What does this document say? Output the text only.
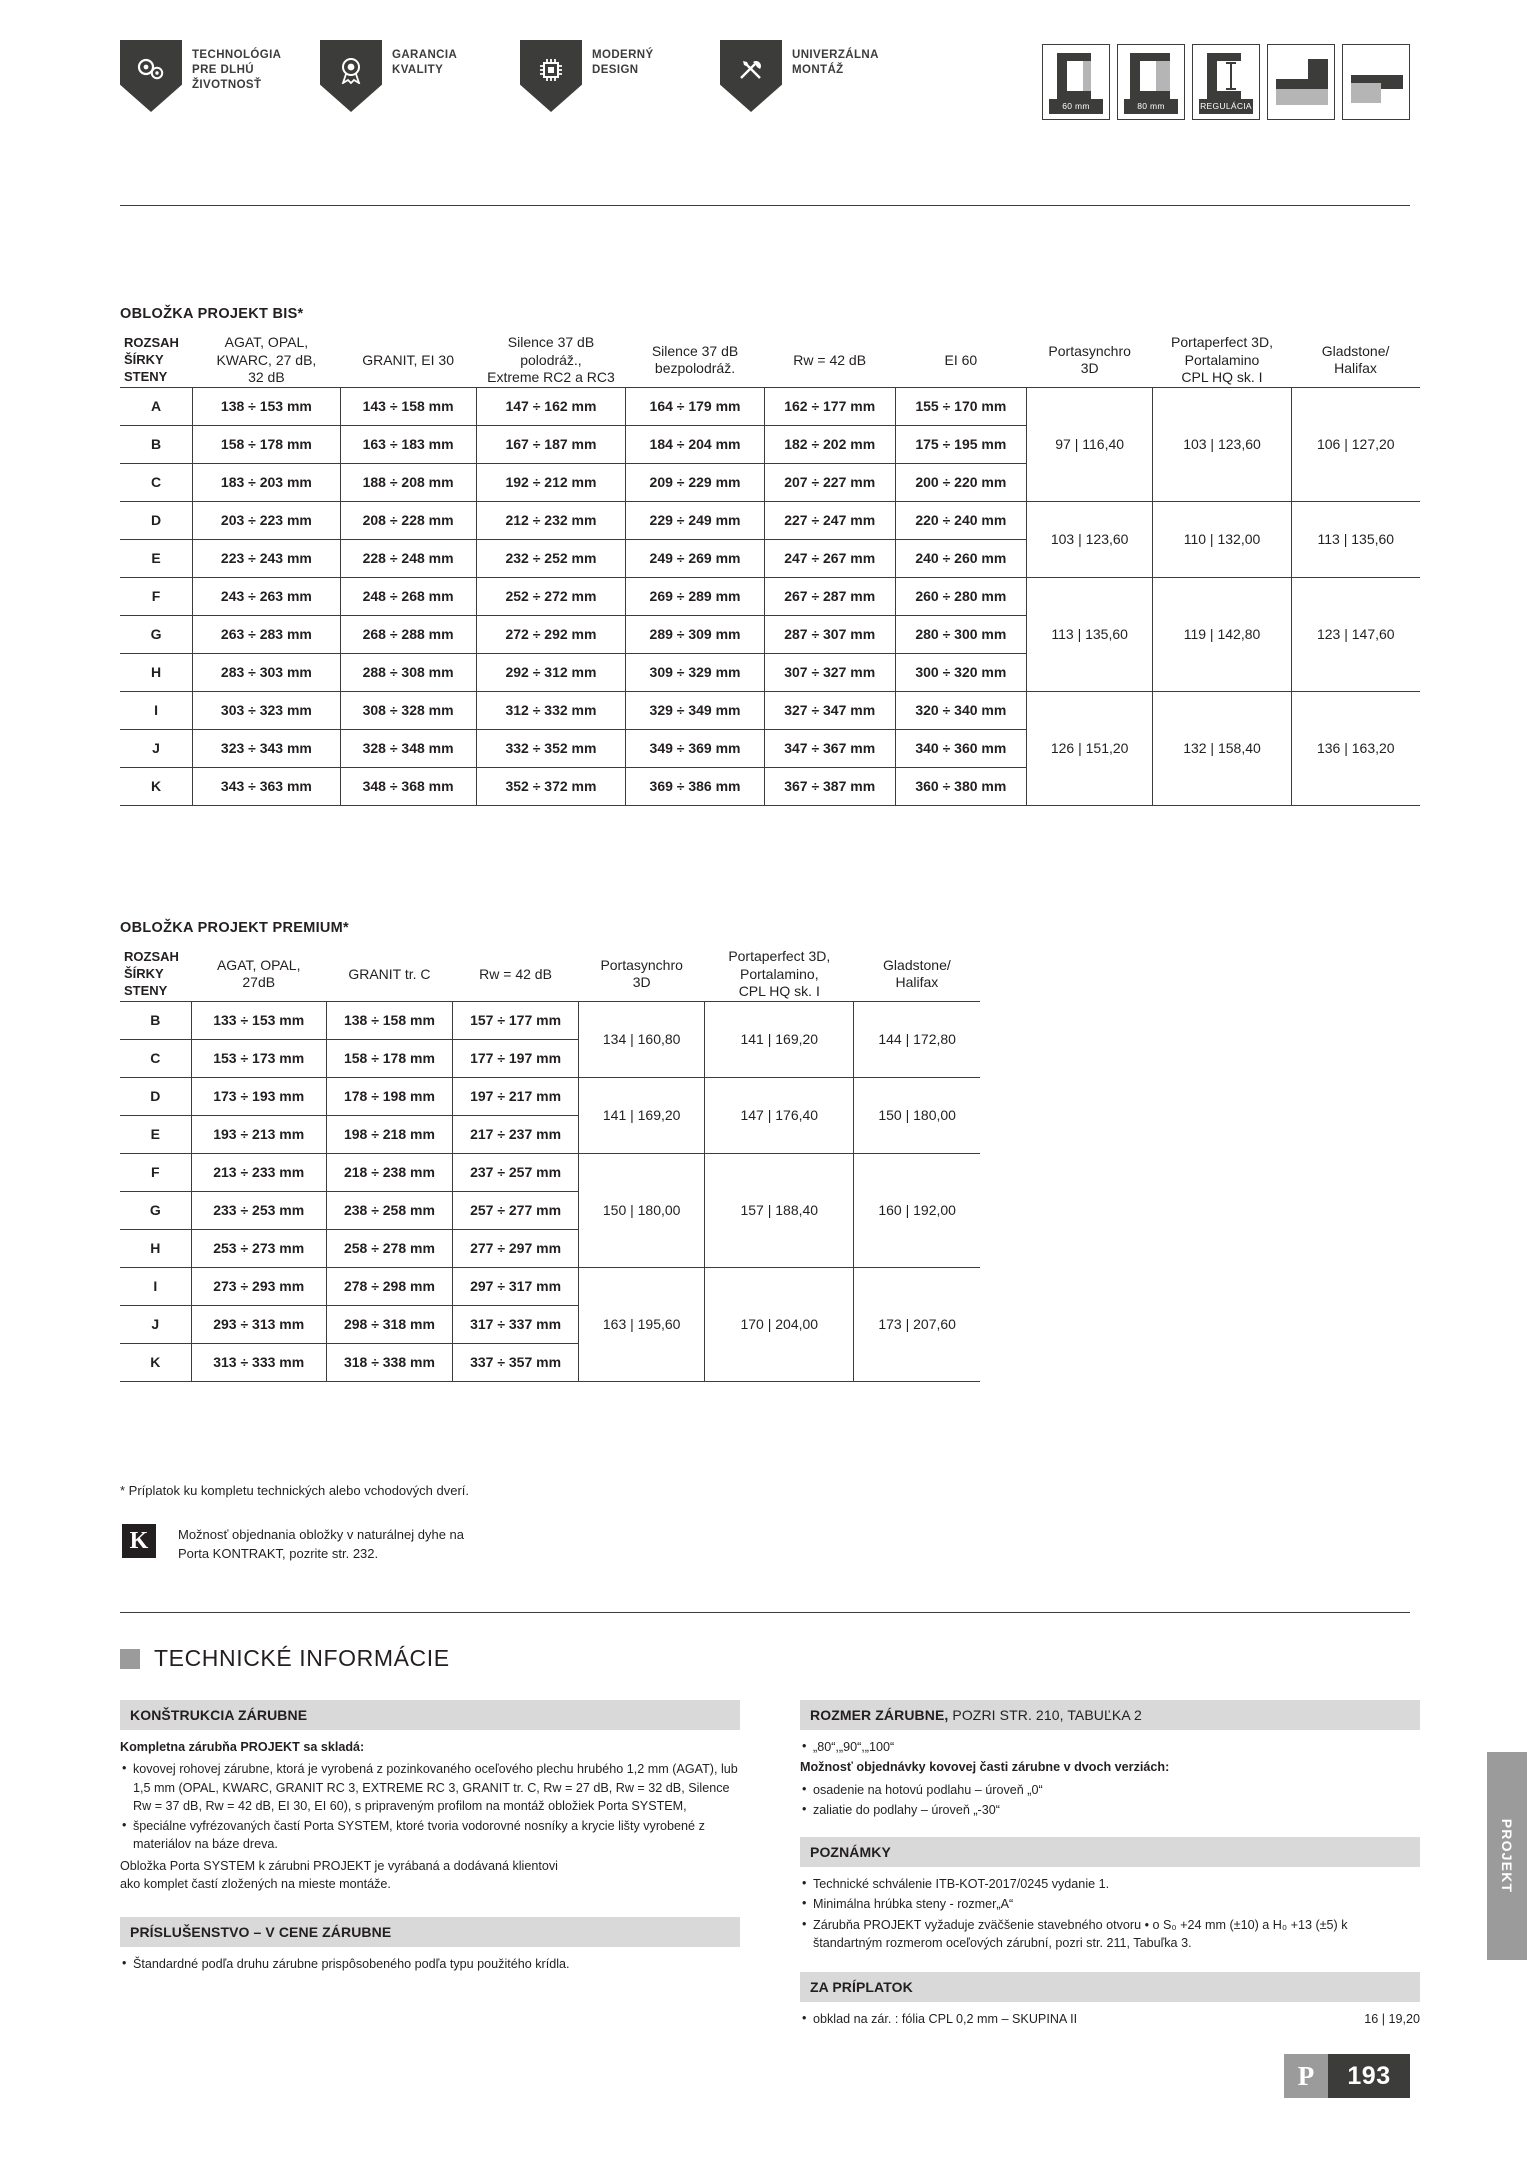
TECHNOLÓGIA
PRE DLHÚ
ŽIVOTNOSŤ
GARANCIA
KVALITY
MODERNÝ
DESIGN
UNIVERZÁLNA
MONTÁŽ
60 mm	80 mm	REGULÁCIA
OBLOŽKA PROJEKT BIS*
ROZSAH
ŠÍRKY
STENY

AGAT, OPAL,
KWARC, 27 dB,
32 dB

GRANIT, EI 30

Silence 37 dB
polodráž.,
Extreme RC2 a RC3

Silence 37 dB
bezpolodráž.

Rw = 42 dB	EI 60

Portasynchro
3D

Portaperfect 3D,
Portalamino
CPL HQ sk. I

Gladstone/
Halifax

A	138 ÷ 153 mm	143 ÷ 158 mm	147 ÷ 162 mm	164 ÷ 179 mm	162 ÷ 177 mm	155 ÷ 170 mm	97 | 116,40	103 | 123,60	106 | 127,20
B	158 ÷ 178 mm	163 ÷ 183 mm	167 ÷ 187 mm	184 ÷ 204 mm	182 ÷ 202 mm	175 ÷ 195 mm			
C	183 ÷ 203 mm	188 ÷ 208 mm	192 ÷ 212 mm	209 ÷ 229 mm	207 ÷ 227 mm	200 ÷ 220 mm			
D	203 ÷ 223 mm	208 ÷ 228 mm	212 ÷ 232 mm	229 ÷ 249 mm	227 ÷ 247 mm	220 ÷ 240 mm	103 | 123,60	110 | 132,00	113 | 135,60
E	223 ÷ 243 mm	228 ÷ 248 mm	232 ÷ 252 mm	249 ÷ 269 mm	247 ÷ 267 mm	240 ÷ 260 mm			
F	243 ÷ 263 mm	248 ÷ 268 mm	252 ÷ 272 mm	269 ÷ 289 mm	267 ÷ 287 mm	260 ÷ 280 mm	113 | 135,60	119 | 142,80	123 | 147,60
G	263 ÷ 283 mm	268 ÷ 288 mm	272 ÷ 292 mm	289 ÷ 309 mm	287 ÷ 307 mm	280 ÷ 300 mm			
H	283 ÷ 303 mm	288 ÷ 308 mm	292 ÷ 312 mm	309 ÷ 329 mm	307 ÷ 327 mm	300 ÷ 320 mm			
I	303 ÷ 323 mm	308 ÷ 328 mm	312 ÷ 332 mm	329 ÷ 349 mm	327 ÷ 347 mm	320 ÷ 340 mm	126 | 151,20	132 | 158,40	136 | 163,20
J	323 ÷ 343 mm	328 ÷ 348 mm	332 ÷ 352 mm	349 ÷ 369 mm	347 ÷ 367 mm	340 ÷ 360 mm			
K	343 ÷ 363 mm	348 ÷ 368 mm	352 ÷ 372 mm	369 ÷ 386 mm	367 ÷ 387 mm	360 ÷ 380 mm			
OBLOŽKA PROJEKT PREMIUM*
ROZSAH
ŠÍRKY
STENY

AGAT, OPAL,
27dB

GRANIT tr. C	Rw = 42 dB

Portasynchro
3D

Portaperfect 3D,
Portalamino,
CPL HQ sk. I

Gladstone/
Halifax

B	133 ÷ 153 mm	138 ÷ 158 mm	157 ÷ 177 mm	134 | 160,80	141 | 169,20	144 | 172,80
C	153 ÷ 173 mm	158 ÷ 178 mm	177 ÷ 197 mm			
D	173 ÷ 193 mm	178 ÷ 198 mm	197 ÷ 217 mm	141 | 169,20	147 | 176,40	150 | 180,00
E	193 ÷ 213 mm	198 ÷ 218 mm	217 ÷ 237 mm			
F	213 ÷ 233 mm	218 ÷ 238 mm	237 ÷ 257 mm	150 | 180,00	157 | 188,40	160 | 192,00
G	233 ÷ 253 mm	238 ÷ 258 mm	257 ÷ 277 mm			
H	253 ÷ 273 mm	258 ÷ 278 mm	277 ÷ 297 mm			
I	273 ÷ 293 mm	278 ÷ 298 mm	297 ÷ 317 mm	163 | 195,60	170 | 204,00	173 | 207,60
J	293 ÷ 313 mm	298 ÷ 318 mm	317 ÷ 337 mm			
K	313 ÷ 333 mm	318 ÷ 338 mm	337 ÷ 357 mm			
* Príplatok ku kompletu technických alebo vchodových dverí.
K	Možnosť objednania obložky v naturálnej dyhe na
Porta KONTRAKT, pozrite str. 232.
TECHNICKÉ INFORMÁCIE
KONŠTRUKCIA ZÁRUBNE
Kompletna zárubňa PROJEKT sa skladá:
• kovovej rohovej zárubne, ktorá je vyrobená z pozinkovaného oceľového plechu hrubého 1,2 mm (AGAT), lub 1,5 mm (OPAL, KWARC, GRANIT RC 3, EXTREME RC 3, GRANIT tr. C, Rw = 27 dB, Rw = 32 dB, Silence Rw = 37 dB, Rw = 42 dB, EI 30, EI 60), s pripraveným profilom na montáž obložiek Porta SYSTEM,
• špeciálne vyfrézovaných častí Porta SYSTEM, ktoré tvoria vodorovné nosníky a krycie lišty vyrobené z materiálov na báze dreva.
Obložka Porta SYSTEM k zárubni PROJEKT je vyrábaná a dodávaná klientovi
ako komplet častí zložených na mieste montáže.
PRÍSLUŠENSTVO – V CENE ZÁRUBNE
• Štandardné podľa druhu zárubne prispôsobeného podľa typu použitého krídla.
ROZMER ZÁRUBNE, POZRI STR. 210, TABUĽKA 2
• „80“,„90“,„100“
Možnosť objednávky kovovej časti zárubne v dvoch verziách:
• osadenie na hotovú podlahu – úroveň „0“
• zaliatie do podlahy – úroveň „-30“
POZNÁMKY
• Technické schválenie ITB-KOT-2017/0245 vydanie 1.
• Minimálna hrúbka steny - rozmer„A“
• Zárubňa PROJEKT vyžaduje zväčšenie stavebného otvoru • o S₀ +24 mm (±10) a H₀ +13 (±5) k štandartným rozmerom oceľových zárubní, pozri str. 211, Tabuľka 3.
ZA PRÍPLATOK
• obklad na zár. : fólia CPL 0,2 mm – SKUPINA II	16 | 19,20
PROJEKT
P	193
